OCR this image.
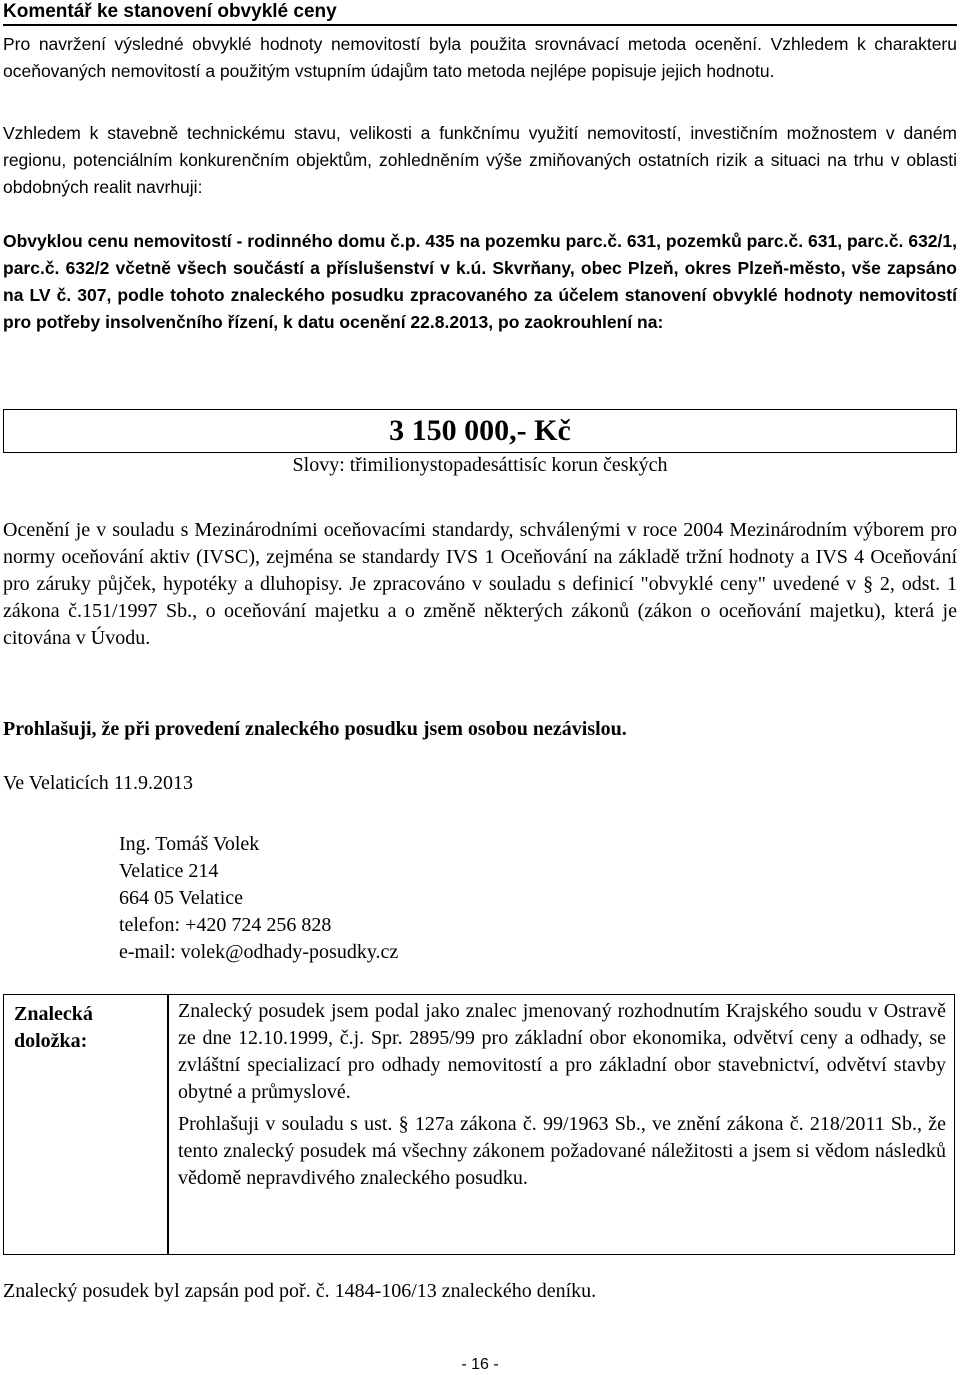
Komentář ke stanovení obvyklé ceny
Pro navržení výsledné obvyklé hodnoty nemovitostí byla použita srovnávací metoda ocenění. Vzhledem k charakteru oceňovaných nemovitostí a použitým vstupním údajům tato metoda nejlépe popisuje jejich hodnotu.
Vzhledem k stavebně technickému stavu, velikosti a funkčnímu využití nemovitostí, investičním možnostem v daném regionu, potenciálním konkurenčním objektům, zohledněním výše zmiňovaných ostatních rizik a situaci na trhu v oblasti obdobných realit navrhuji:
Obvyklou cenu nemovitostí - rodinného domu č.p. 435 na pozemku parc.č. 631, pozemků parc.č. 631, parc.č. 632/1, parc.č. 632/2 včetně všech součástí a příslušenství v k.ú. Skvrňany, obec Plzeň, okres Plzeň-město, vše zapsáno na LV č. 307, podle tohoto znaleckého posudku zpracovaného za účelem stanovení obvyklé hodnoty nemovitostí pro potřeby insolvenčního řízení, k datu ocenění 22.8.2013, po zaokrouhlení na:
3 150 000,- Kč
Slovy: třimilionystopadesáttisíc korun českých
Ocenění je v souladu s Mezinárodními oceňovacími standardy, schválenými v roce 2004 Mezinárodním výborem pro normy oceňování aktiv (IVSC), zejména se standardy IVS 1 Oceňování na základě tržní hodnoty a IVS 4 Oceňování pro záruky půjček, hypotéky a dluhopisy. Je zpracováno v souladu s definicí "obvyklé ceny" uvedené v § 2, odst. 1 zákona č.151/1997 Sb., o oceňování majetku a o změně některých zákonů (zákon o oceňování majetku), která je citována v Úvodu.
Prohlašuji, že při provedení znaleckého posudku jsem osobou nezávislou.
Ve Velaticích 11.9.2013
Ing. Tomáš Volek
Velatice 214
664 05 Velatice
telefon: +420 724 256 828
e-mail: volek@odhady-posudky.cz
Znalecká doložka:

Znalecký posudek jsem podal jako znalec jmenovaný rozhodnutím Krajského soudu v Ostravě ze dne 12.10.1999, č.j. Spr. 2895/99 pro základní obor ekonomika, odvětví ceny a odhady, se zvláštní specializací pro odhady nemovitostí a pro základní obor stavebnictví, odvětví stavby obytné a průmyslové.

Prohlašuji v souladu s ust. § 127a zákona č. 99/1963 Sb., ve znění zákona č. 218/2011 Sb., že tento znalecký posudek má všechny zákonem požadované náležitosti a jsem si vědom následků vědomě nepravdivého znaleckého posudku.

Znalecký posudek byl zapsán pod poř. č. 1484-106/13 znaleckého deníku.
- 16 -
